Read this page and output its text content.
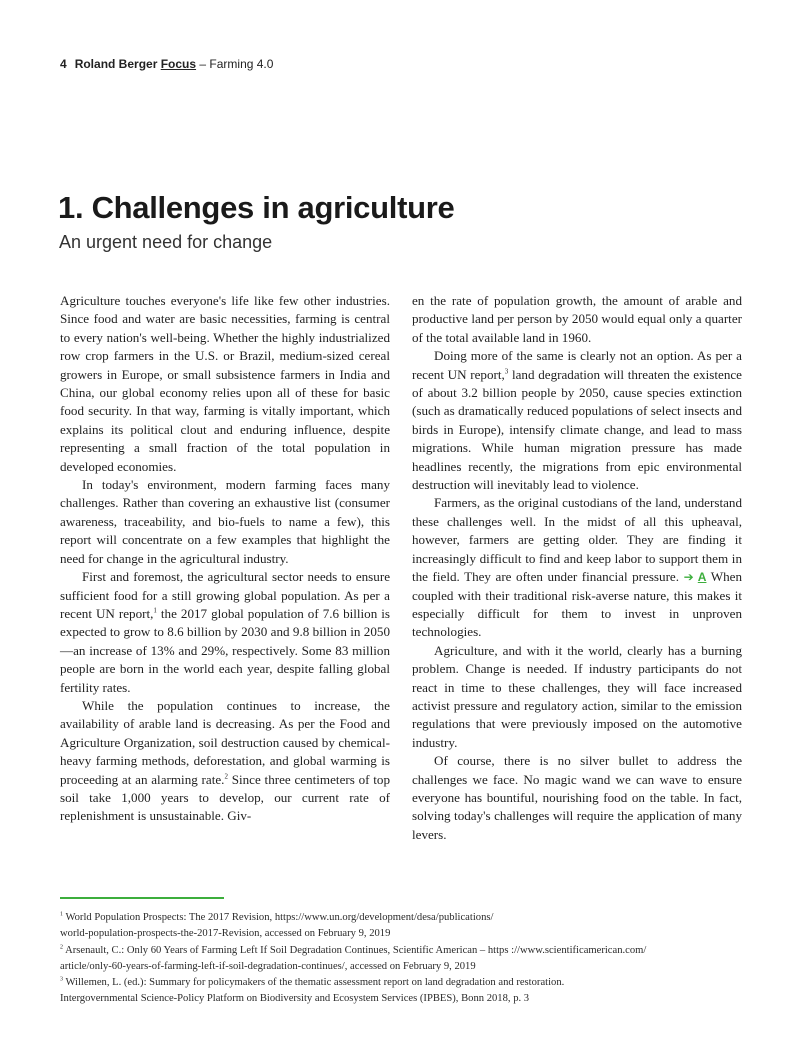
4 Roland Berger Focus – Farming 4.0
1. Challenges in agriculture
An urgent need for change

Agriculture touches everyone's life like few other industries. Since food and water are basic necessities, farming is central to every nation's well-being. Whether the highly industrialized row crop farmers in the U.S. or Brazil, medium-sized cereal growers in Europe, or small subsistence farmers in India and China, our global economy relies upon all of these for basic food security. In that way, farming is vitally important, which explains its political clout and enduring influence, despite representing a small fraction of the total population in developed economies.

In today's environment, modern farming faces many challenges. Rather than covering an exhaustive list (consumer awareness, traceability, and bio-fuels to name a few), this report will concentrate on a few examples that highlight the need for change in the agricultural industry.

First and foremost, the agricultural sector needs to ensure sufficient food for a still growing global population. As per a recent UN report,$^1$ the 2017 global population of 7.6 billion is expected to grow to 8.6 billion by 2030 and 9.8 billion in 2050—an increase of 13% and 29%, respectively. Some 83 million people are born in the world each year, despite falling global fertility rates.

While the population continues to increase, the availability of arable land is decreasing. As per the Food and Agriculture Organization, soil destruction caused by chemical-heavy farming methods, deforestation, and global warming is proceeding at an alarming rate.$^2$ Since three centimeters of top soil take 1,000 years to develop, our current rate of replenishment is unsustainable. Giv-

en the rate of population growth, the amount of arable and productive land per person by 2050 would equal only a quarter of the total available land in 1960.

Doing more of the same is clearly not an option. As per a recent UN report,$^3$ land degradation will threaten the existence of about 3.2 billion people by 2050, cause species extinction (such as dramatically reduced populations of select insects and birds in Europe), intensify climate change, and lead to mass migrations. While human migration pressure has made headlines recently, the migrations from epic environmental destruction will inevitably lead to violence.

Farmers, as the original custodians of the land, understand these challenges well. In the midst of all this upheaval, however, farmers are getting older. They are finding it increasingly difficult to find and keep labor to support them in the field. They are often under financial pressure. ➔ A When coupled with their traditional risk-averse nature, this makes it especially difficult for them to invest in unproven technologies.

Agriculture, and with it the world, clearly has a burning problem. Change is needed. If industry participants do not react in time to these challenges, they will face increased activist pressure and regulatory action, similar to the emission regulations that were previously imposed on the automotive industry.

Of course, there is no silver bullet to address the challenges we face. No magic wand we can wave to ensure everyone has bountiful, nourishing food on the table. In fact, solving today's challenges will require the application of many levers.

$^1$ World Population Prospects: The 2017 Revision, https://www.un.org/development/desa/publications/
world-population-prospects-the-2017-Revision, accessed on February 9, 2019

$^2$ Arsenault, C.: Only 60 Years of Farming Left If Soil Degradation Continues, Scientific American – https ://www.scientificamerican.com/
article/only-60-years-of-farming-left-if-soil-degradation-continues/, accessed on February 9, 2019

$^3$ Willemen, L. (ed.): Summary for policymakers of the thematic assessment report on land degradation and restoration.
Intergovernmental Science-Policy Platform on Biodiversity and Ecosystem Services (IPBES), Bonn 2018, p. 3
